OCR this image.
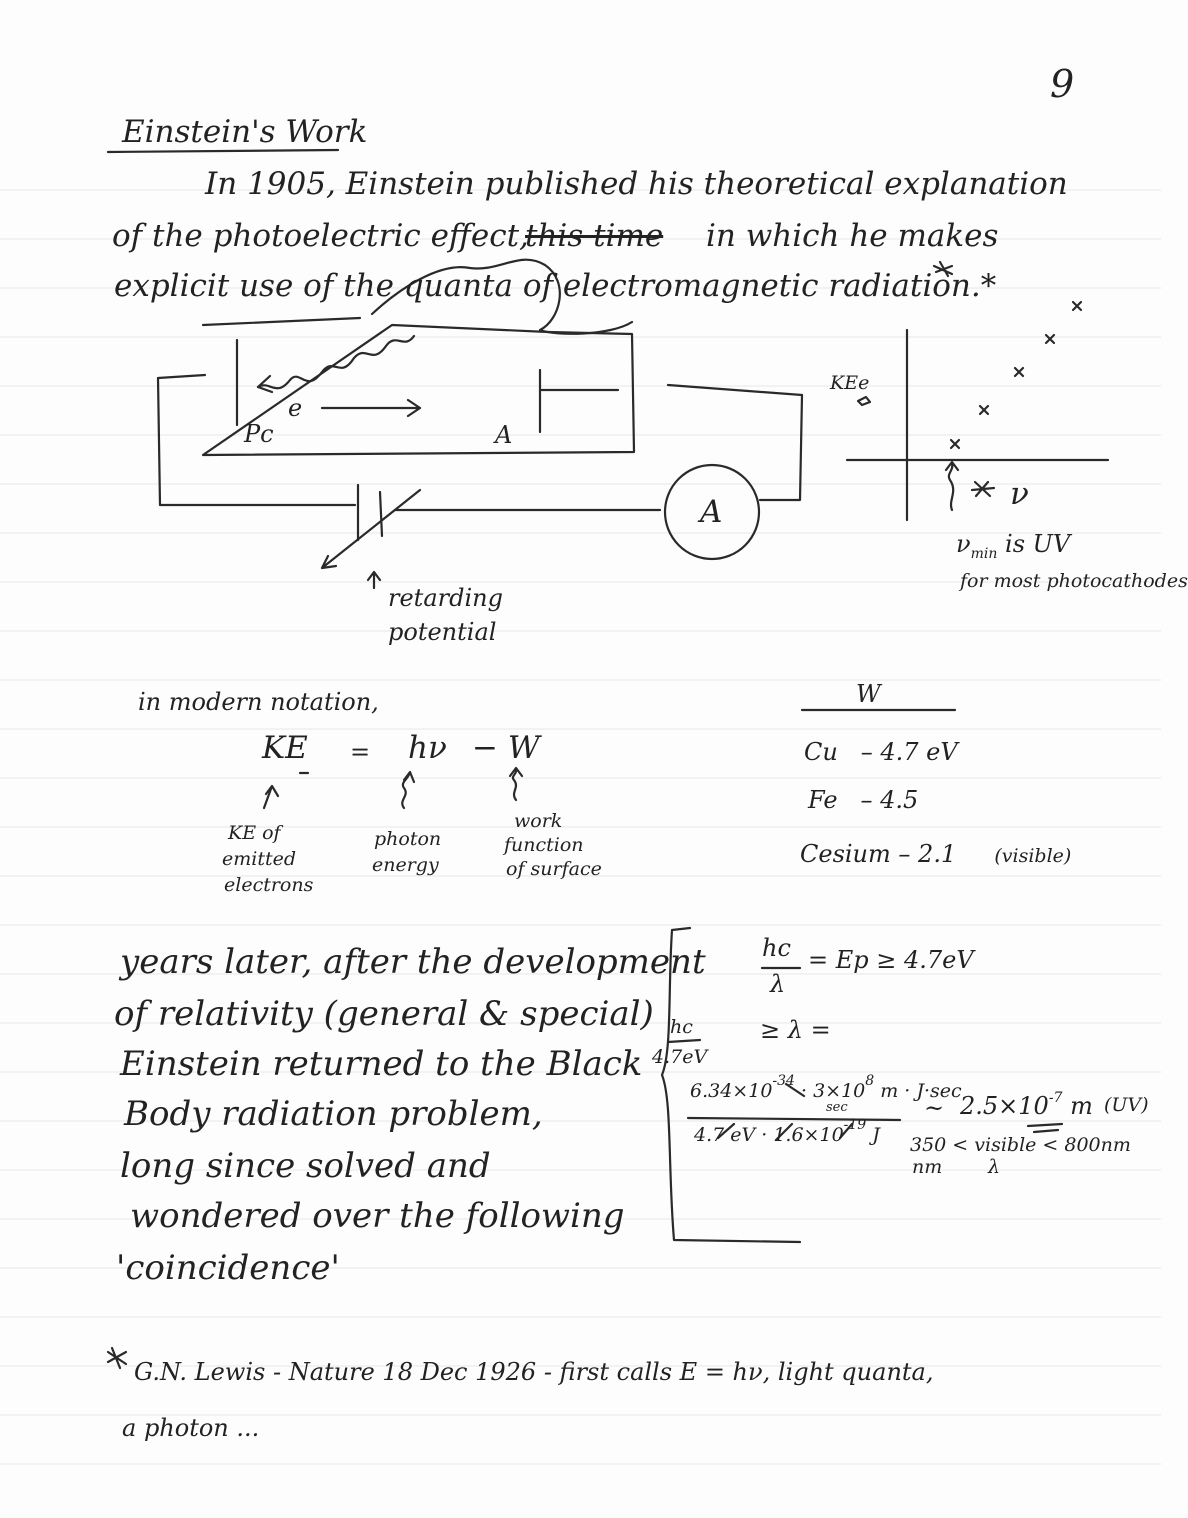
9
Einstein's Work
In 1905, Einstein published his theoretical explanation
of the photoelectric effect,
this time in which he makes
explicit use of the quanta of electromagnetic radiation.*
Pc
e
A
A
retarding
potential
KEe
ν
$\nu_{min}$ is UV
for most photocathodes
in modern notation,
KE = hν − W
KE of
emitted
electrons
photon
energy
work
function
of surface
W
Cu – 4.7 eV
Fe – 4.5
Cesium – 2.1 (visible)
years later, after the development
of relativity (general & special)
Einstein returned to the Black
Body radiation problem,
long since solved and
wondered over the following
'coincidence'
hc
λ
= Ep ≥ 4.7eV
hc
4.7eV
≥ λ =
$6.34\times 10^{-34} \cdot 3\times 10^8$ m · J·sec
sec
4.7 eV · $1.6\times 10^{-19}$ J
~ $2.5\times 10^{-7}$ m (UV)
350 < visible < 800nm
nm λ
G.N. Lewis - Nature 18 Dec 1926 - first calls E = hν, light quanta,
a photon ...
